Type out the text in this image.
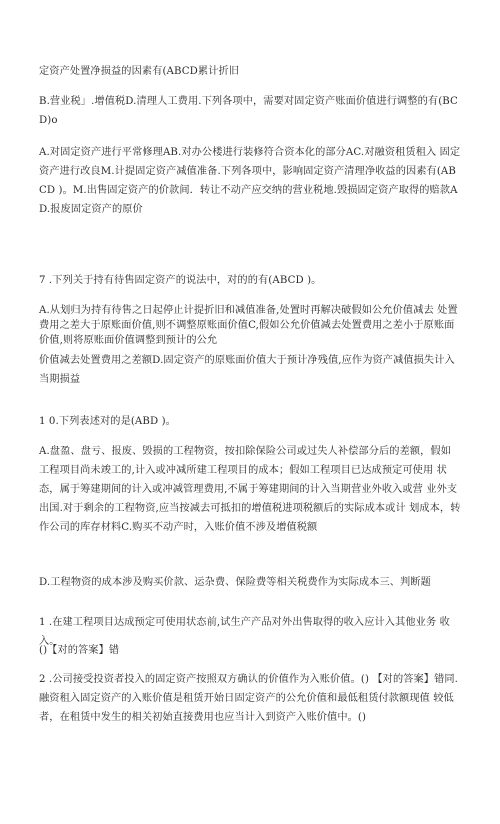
定资产处置净损益的因素有(ABCD累计折旧

B.营业税」.增值税D.清理人工费用.下列各项中，需要对固定资产账面价值进行调整的有(BCD)o

A.对固定资产进行平常修理AB.对办公楼进行装修符合资本化的部分AC.对融资租赁租入 固定资产进行改良M.计提固定资产减值准备.下列各项中，影响固定资产清理净收益的因素有(ABCD )。M.出售固定资产的价款间．转让不动产应交纳的营业税地.毁损固定资产取得的赔款AD.报废固定资产的原价

7 .下列关于持有待售固定资产的说法中，对的的有(ABCD )。

A.从划归为持有待售之日起停止计提折旧和减值准备,处置时再解决破假如公允价值减去 处置费用之差大于原账面价值,则不调整原账面价值C,假如公允价值减去处置费用之差小于原账面价值,则将原账面价值调整到预计的公允

价值减去处置费用之差额D.固定资产的原账面价值大于预计净残值,应作为资产减值损失计入当期损益

1 0.下列表述对的是(ABD )。

A.盘盈、盘亏、报废、毁损的工程物资，按扣除保险公司或过失人补偿部分后的差额，假如 工程项目尚未竣工的,计入或冲减所建工程项目的成本；假如工程项目已达成预定可使用 状态，属于筹建期间的计入或冲减管理费用,不属于筹建期间的计入当期营业外收入或营 业外支出国.对于剩余的工程物资,应当按减去可抵扣的增值税进项税额后的实际成本或计 划成本，转作公司的库存材料C.购买不动产时，入账价值不涉及增值税额

D.工程物资的成本涉及购买价款、运杂费、保险费等相关税费作为实际成本三、判断题

1 .在建工程项目达成预定可使用状态前,试生产产品对外出售取得的收入应计入其他业务 收入。

()【对的答案】错

2 .公司接受投资者投入的固定资产按照双方确认的价值作为入账价值。() 【对的答案】错同.融资租入固定资产的入账价值是租赁开始日固定资产的公允价值和最低租赁付款额现值 较低者，在租赁中发生的相关初始直接费用也应当计入到资产入账价值中。()
